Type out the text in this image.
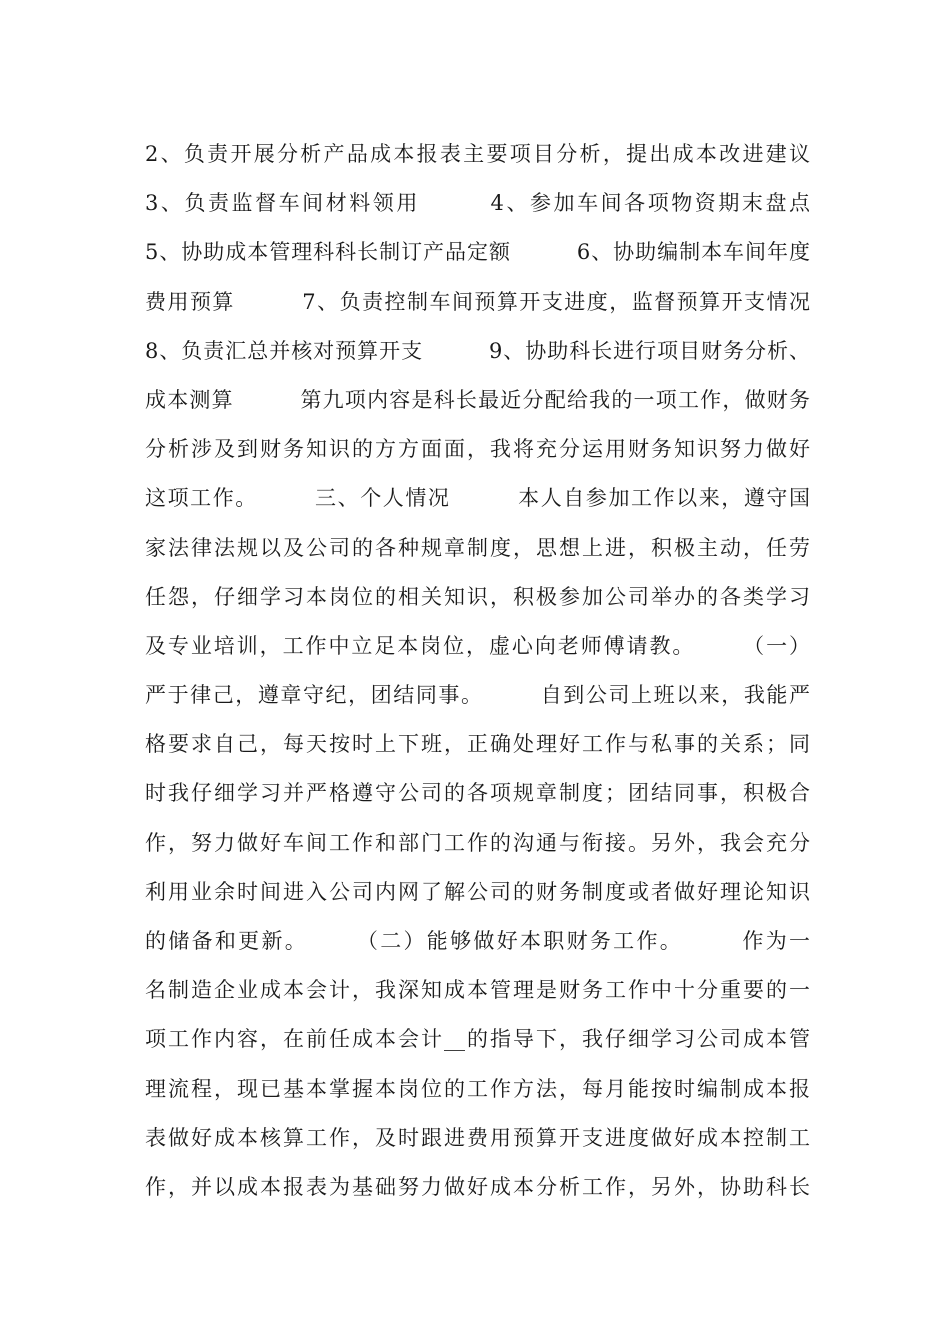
2、负责开展分析产品成本报表主要项目分析，提出成本改进建议
3、负责监督车间材料领用　　　4、参加车间各项物资期末盘点
5、协助成本管理科科长制订产品定额　　　6、协助编制本车间年度
费用预算　　　7、负责控制车间预算开支进度，监督预算开支情况
8、负责汇总并核对预算开支　　　9、协助科长进行项目财务分析、
成本测算　　　第九项内容是科长最近分配给我的一项工作，做财务
分析涉及到财务知识的方方面面，我将充分运用财务知识努力做好
这项工作。　　　三、个人情况　　　本人自参加工作以来，遵守国
家法律法规以及公司的各种规章制度，思想上进，积极主动，任劳
任怨，仔细学习本岗位的相关知识，积极参加公司举办的各类学习
及专业培训，工作中立足本岗位，虚心向老师傅请教。　　　（一）
严于律己，遵章守纪，团结同事。　　　自到公司上班以来，我能严
格要求自己，每天按时上下班，正确处理好工作与私事的关系；同
时我仔细学习并严格遵守公司的各项规章制度；团结同事，积极合
作，努力做好车间工作和部门工作的沟通与衔接。另外，我会充分
利用业余时间进入公司内网了解公司的财务制度或者做好理论知识
的储备和更新。　　　（二）能够做好本职财务工作。　　　作为一
名制造企业成本会计，我深知成本管理是财务工作中十分重要的一
项工作内容，在前任成本会计__的指导下，我仔细学习公司成本管
理流程，现已基本掌握本岗位的工作方法，每月能按时编制成本报
表做好成本核算工作，及时跟进费用预算开支进度做好成本控制工
作，并以成本报表为基础努力做好成本分析工作，另外，协助科长
